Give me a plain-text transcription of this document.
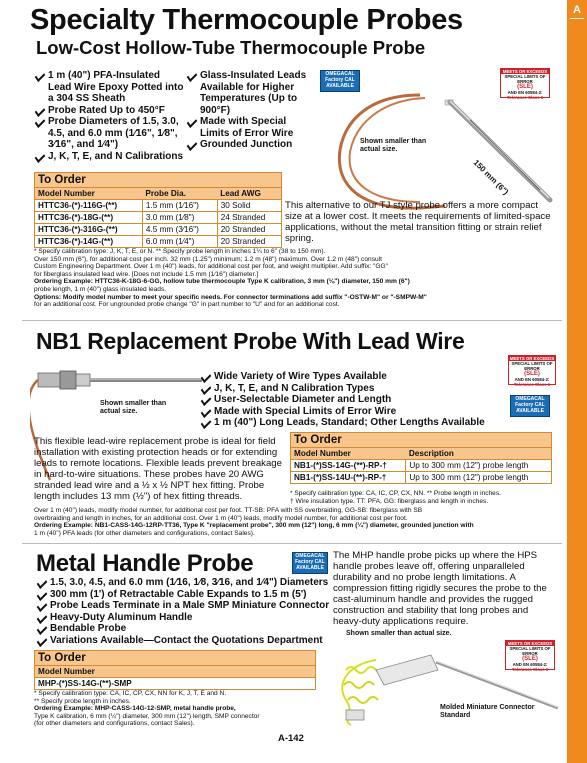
A
Specialty Thermocouple Probes
Low-Cost Hollow-Tube Thermocouple Probe
1 m (40") PFA-Insulated Lead Wire Epoxy Potted into a 304 SS Sheath
Probe Rated Up to 450°F
Probe Diameters of 1.5, 3.0, 4.5, and 6.0 mm (1⁄16", 1⁄8", 3⁄16", and 1⁄4")
J, K, T, E, and N Calibrations
Glass-Insulated Leads Available for Higher Temperatures (Up to 900°F)
Made with Special Limits of Error Wire
Grounded Junction
OMEGACAL
Factory CAL
AVAILABLE
MEETS OR EXCEEDS
SPECIAL LIMITS OF ERROR
(SLE)
AND EN 60584-2:
Tolerance Class 1
Shown smaller than actual size.
150 mm (6")
To Order
Model Number	Probe Dia.	Lead AWG
HTTC36-(*)-116G-(**)	1.5 mm (1⁄16")	30 Solid
HTTC36-(*)-18G-(**)	3.0 mm (1⁄8")	24 Stranded
HTTC36-(*)-316G-(**)	4.5 mm (3⁄16")	20 Stranded
HTTC36-(*)-14G-(**)	6.0 mm (1⁄4")	20 Stranded
This alternative to our TJ style probe offers a more compact size at a lower cost. It meets the requirements of limited-space applications, without the metal transition fitting or strain relief spring.
* Specify calibration type: J, K, T, E, or N. ** Specify probe length in inches 1¼ to 6" (38 to 150 mm).
Over 150 mm (6"), for additional cost per inch. 32 mm (1.25") minimum; 1.2 m (48") maximum. Over 1.2 m (48") consult
Custom Engineering Department. Over 1 m (40") leads, for additional cost per foot, and weight multiplier. Add suffix: "GG"
for fiberglass insulated lead wire. [Does not include 1.5 mm (1⁄16") diameter.]
Ordering Example: HTTC36-K-18G-6-GG, hollow tube thermocouple Type K calibration, 3 mm (⅛") diameter, 150 mm (6")
probe length, 1 m (40") glass insulated leads.
Options: Modify model number to meet your specific needs. For connector terminations add suffix "-OSTW-M" or "-SMPW-M"
for an additional cost. For ungrounded probe change "G" in part number to "U" and for an additional cost.
NB1 Replacement Probe With Lead Wire
MEETS OR EXCEEDS
SPECIAL LIMITS OF ERROR
(SLE)
AND EN 60584-2:
Tolerance Class 1
OMEGACAL
Factory CAL
AVAILABLE
Shown smaller than actual size.
Wide Variety of Wire Types Available
J, K, T, E, and N Calibration Types
User-Selectable Diameter and Length
Made with Special Limits of Error Wire
1 m (40") Long Leads, Standard; Other Lengths Available
This flexible lead-wire replacement probe is ideal for field installation with existing protection heads or for extending leads to remote locations. Flexible leads prevent breakage in hard-to-wire situations. These probes have 20 AWG stranded lead wire and a ½ x ½ NPT hex fitting. Probe length includes 13 mm (½") of hex fitting threads.
To Order
Model Number	Description
NB1-(*)SS-14G-(**)-RP-†	Up to 300 mm (12") probe length
NB1-(*)SS-14U-(**)-RP-†	Up to 300 mm (12") probe length
* Specify calibration type: CA, IC, CP, CX, NN. ** Probe length in inches.
† Wire insulation type. TT: PFA, GG: fiberglass and length in inches.
Over 1 m (40") leads, modify model number, for additional cost per foot. TT-SB: PFA with SS overbraiding, GG-SB: fiberglass with SB
overbraiding and length in inches, for an additional cost. Over 1 m (40") leads, modify model number, for additional cost per foot.
Ordering Example: NB1-CASS-14G-12RP-TT36, Type K "replacement probe", 300 mm (12") long, 6 mm (¼") diameter, grounded junction with
1 m (40") PFA leads (for other diameters and configurations, contact Sales).
Metal Handle Probe	OMEGACAL
Factory CAL
AVAILABLE
1.5, 3.0, 4.5, and 6.0 mm (1⁄16, 1⁄8, 3⁄16, and 1⁄4") Diameters
300 mm (1') of Retractable Cable Expands to 1.5 m (5')
Probe Leads Terminate in a Male SMP Miniature Connector
Heavy-Duty Aluminum Handle
Bendable Probe
Variations Available—Contact the Quotations Department
The MHP handle probe picks up where the HPS handle probes leave off, offering unparalleled durability and no probe length limitations. A compression fitting rigidly secures the probe to the cast-aluminum handle and provides the rugged construction and stability that long probes and heavy-duty applications require.
To Order
Model Number
MHP-(*)SS-14G-(**)-SMP
* Specify calibration type: CA, IC, CP, CX, NN for K, J, T, E and N.
** Specify probe length in inches.
Ordering Example: MHP-CASS-14G-12-SMP, metal handle probe,
Type K calibration, 6 mm (¼") diameter, 300 mm (12") length, SMP connector
(for other diameters and configurations, contact Sales).
Shown smaller than actual size.
MEETS OR EXCEEDS
SPECIAL LIMITS OF ERROR
(SLE)
AND EN 60584-2:
Tolerance Class 1
Molded Miniature Connector Standard
A-142
